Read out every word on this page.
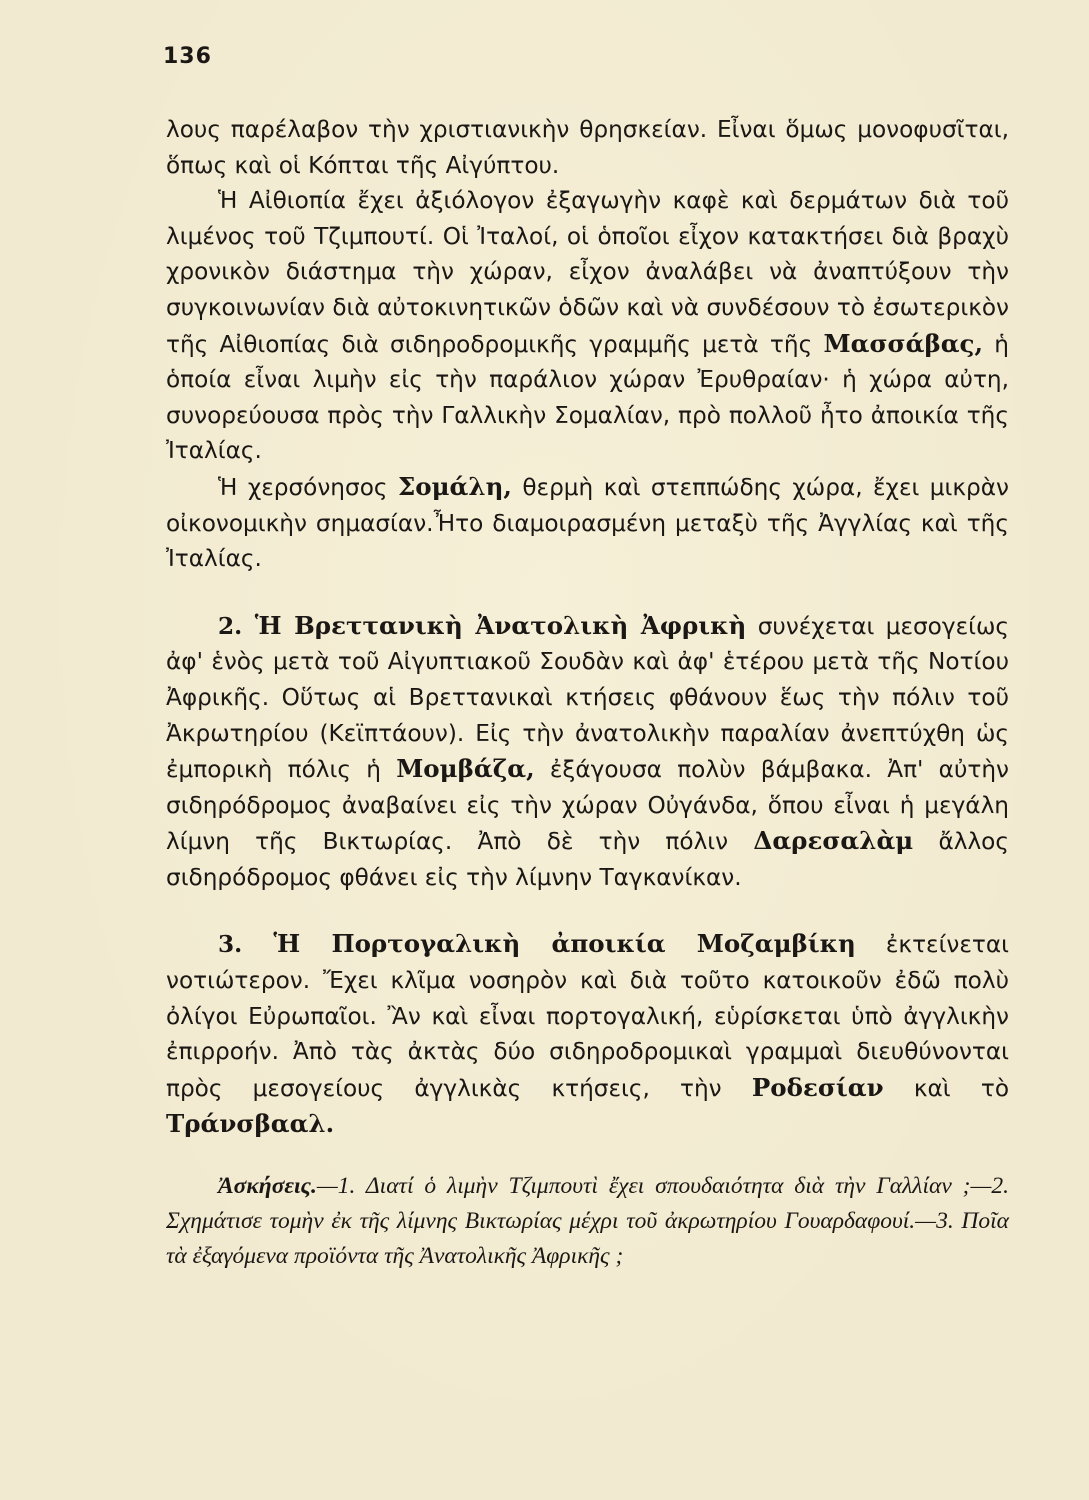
136

λους παρέλαβον τὴν χριστιανικὴν θρησκείαν. Εἶναι ὅμως μονοφυσῖται, ὅπως καὶ οἱ Κόπται τῆς Αἰγύπτου.

Ἡ Αἰθιοπία ἔχει ἀξιόλογον ἐξαγωγὴν καφὲ καὶ δερμάτων διὰ τοῦ λιμένος τοῦ Τζιμπουτί. Οἱ Ἰταλοί, οἱ ὁποῖοι εἶχον κατακτήσει διὰ βραχὺ χρονικὸν διάστημα τὴν χώραν, εἶχον ἀναλάβει νὰ ἀναπτύξουν τὴν συγκοινωνίαν διὰ αὐτοκινητικῶν ὁδῶν καὶ νὰ συνδέσουν τὸ ἐσωτερικὸν τῆς Αἰθιοπίας διὰ σιδηροδρομικῆς γραμμῆς μετὰ τῆς Μασσάβας, ἡ ὁποία εἶναι λιμὴν εἰς τὴν παράλιον χώραν Ἐρυθραίαν· ἡ χώρα αὐτη, συνορεύουσα πρὸς τὴν Γαλλικὴν Σομαλίαν, πρὸ πολλοῦ ἦτο ἀποικία τῆς Ἰταλίας.

Ἡ χερσόνησος Σομάλη, θερμὴ καὶ στεππώδης χώρα, ἔχει μικρὰν οἰκονομικὴν σημασίαν.Ἦτο διαμοιρασμένη μεταξὺ τῆς Ἀγγλίας καὶ τῆς Ἰταλίας.

2. Ἡ Βρεττανικὴ Ἀνατολικὴ Ἀφρικὴ συνέχεται μεσογείως ἀφ' ἑνὸς μετὰ τοῦ Αἰγυπτιακοῦ Σουδὰν καὶ ἀφ' ἑτέρου μετὰ τῆς Νοτίου Ἀφρικῆς. Οὕτως αἱ Βρεττανικαὶ κτήσεις φθάνουν ἕως τὴν πόλιν τοῦ Ἀκρωτηρίου (Κεϊπτάουν). Εἰς τὴν ἀνατολικὴν παραλίαν ἀνεπτύχθη ὡς ἐμπορικὴ πόλις ἡ Μομβάζα, ἐξάγουσα πολὺν βάμβακα. Ἀπ' αὐτὴν σιδηρόδρομος ἀναβαίνει εἰς τὴν χώραν Οὐγάνδα, ὅπου εἶναι ἡ μεγάλη λίμνη τῆς Βικτωρίας. Ἀπὸ δὲ τὴν πόλιν Δαρεσαλὰμ ἄλλος σιδηρόδρομος φθάνει εἰς τὴν λίμνην Ταγκανίκαν.

3. Ἡ Πορτογαλικὴ ἀποικία Μοζαμβίκη ἐκτείνεται νοτιώτερον. Ἔχει κλῖμα νοσηρὸν καὶ διὰ τοῦτο κατοικοῦν ἐδῶ πολὺ ὀλίγοι Εὐρωπαῖοι. Ἂν καὶ εἶναι πορτογαλική, εὑρίσκεται ὑπὸ ἀγγλικὴν ἐπιρροήν. Ἀπὸ τὰς ἀκτὰς δύο σιδηροδρομικαὶ γραμμαὶ διευθύνονται πρὸς μεσογείους ἀγγλικὰς κτήσεις, τὴν Ροδεσίαν καὶ τὸ Τράνσβααλ.

Ἀσκήσεις.—1. Διατί ὁ λιμὴν Τζιμπουτὶ ἔχει σπουδαιότητα διὰ τὴν Γαλλίαν ;—2. Σχημάτισε τομὴν ἐκ τῆς λίμνης Βικτωρίας μέχρι τοῦ ἀκρωτηρίου Γουαρδαφουί.—3. Ποῖα τὰ ἐξαγόμενα προϊόντα τῆς Ἀνατολικῆς Ἀφρικῆς ;
